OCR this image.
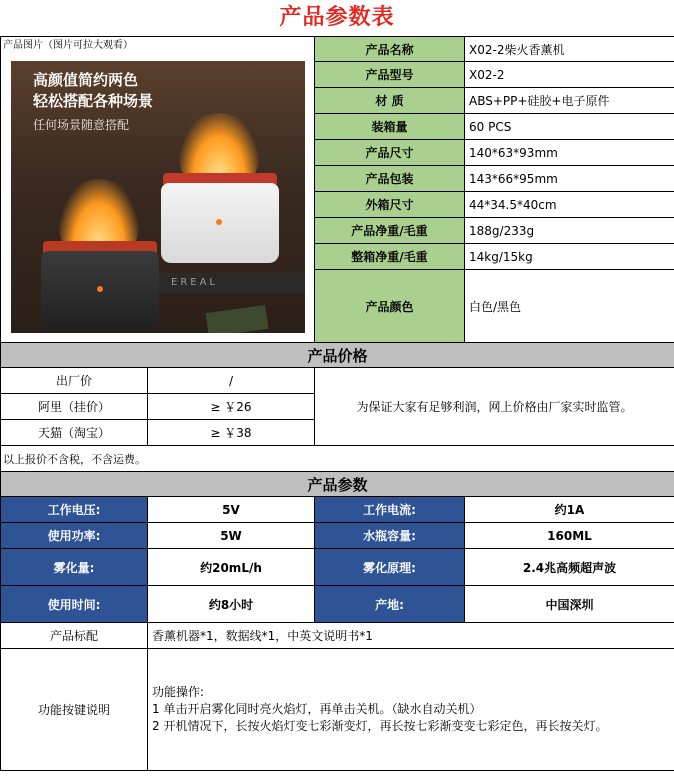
产品参数表
产品图片（图片可拉大观看）
高颜值简约两色
轻松搭配各种场景
任何场景随意搭配
EREAL		产品名称	X02-2柴火香薰机
		产品型号	X02-2
		材 质	ABS+PP+硅胶+电子原件
		装箱量	60 PCS
		产品尺寸	140*63*93mm
		产品包装	143*66*95mm
		外箱尺寸	44*34.5*40cm
		产品净重/毛重	188g/233g
		整箱净重/毛重	14kg/15kg
		产品颜色	白色/黑色
产品价格			
出厂价	/	为保证大家有足够利润，网上价格由厂家实时监管。	
阿里（挂价）	≥ ￥26		
天猫（淘宝）	≥ ￥38		
以上报价不含税，不含运费。			
产品参数			
工作电压:	5V	工作电流:	约1A
使用功率:	5W	水瓶容量:	160ML
雾化量:	约20mL/h	雾化原理:	2.4兆高频超声波
使用时间:	约8小时	产地:	中国深圳
产品标配	香薰机器*1，数据线*1，中英文说明书*1		
功能按键说明	功能操作:
1 单击开启雾化同时亮火焰灯，再单击关机。（缺水自动关机）
2 开机情况下，长按火焰灯变七彩渐变灯，再长按七彩渐变变七彩定色，再长按关灯。		
